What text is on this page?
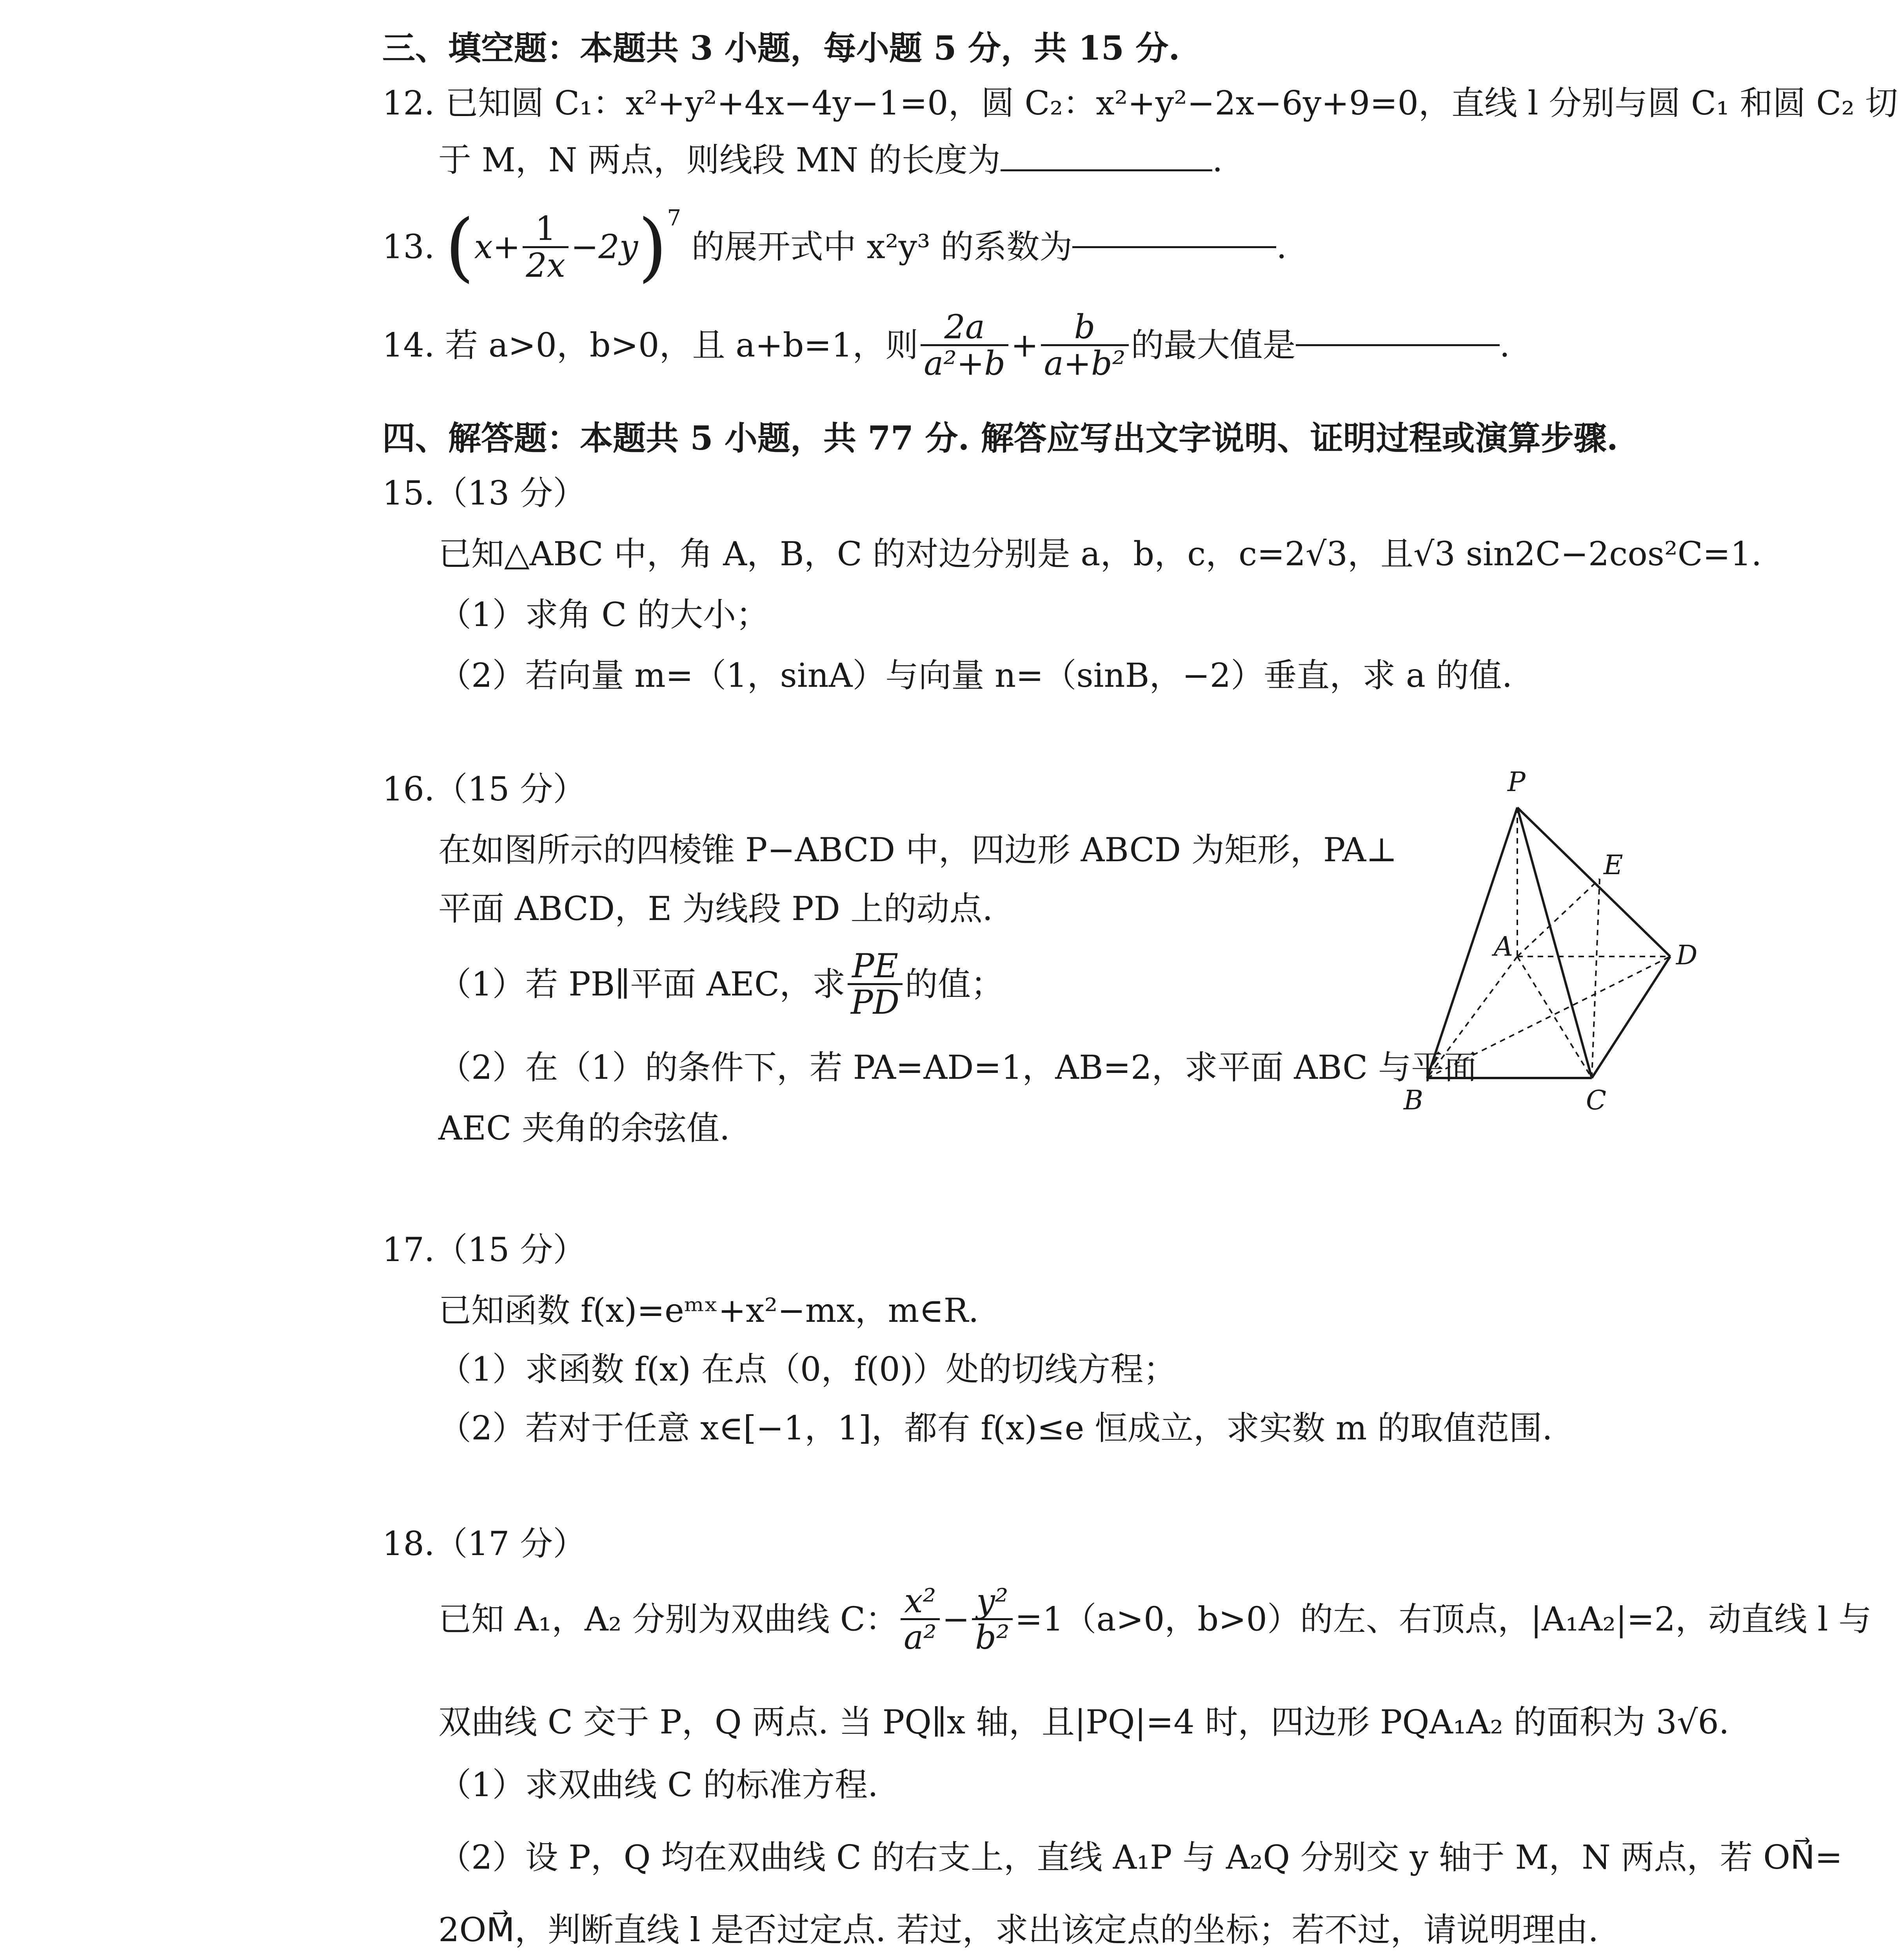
三、填空题：本题共 3 小题，每小题 5 分，共 15 分.
12. 已知圆 C₁：x²+y²+4x−4y−1=0，圆 C₂：x²+y²−2x−6y+9=0，直线 l 分别与圆 C₁ 和圆 C₂ 切
于 M，N 两点，则线段 MN 的长度为	.
13. $(x+ \frac{1}{2x} -2y)^7$ 的展开式中 x²y³ 的系数为	.
14. 若 a>0，b>0，且 a+b=1，则 $\frac{2a}{\text{a²+b}} + \frac{b}{\text{a+b²}}$ 的最大值是	.
四、解答题：本题共 5 小题，共 77 分. 解答应写出文字说明、证明过程或演算步骤.
15.（13 分）
已知△ABC 中，角 A，B，C 的对边分别是 a，b，c，c=2√3，且√3 sin2C−2cos²C=1.
（1）求角 C 的大小；
（2）若向量 m=（1，sinA）与向量 n=（sinB，−2）垂直，求 a 的值.
16.（15 分）
在如图所示的四棱锥 P−ABCD 中，四边形 ABCD 为矩形，PA⊥
平面 ABCD，E 为线段 PD 上的动点.
（1）若 PB∥平面 AEC，求 $\frac{PE}{PD}$ 的值；
（2）在（1）的条件下，若 PA=AD=1，AB=2，求平面 ABC 与平面
AEC 夹角的余弦值.
P
E
A	D
B	C
17.（15 分）
已知函数 f(x)=eᵐˣ+x²−mx，m∈R.
（1）求函数 f(x) 在点（0，f(0)）处的切线方程；
（2）若对于任意 x∈[−1，1]，都有 f(x)≤e 恒成立，求实数 m 的取值范围.
18.（17 分）
已知 A₁，A₂ 分别为双曲线 C： $\frac{\text{x²}}{\text{a²}} - \frac{\text{y²}}{\text{b²}} =1(a>0$，b>0）的左、右顶点，|A₁A₂|=2，动直线 l 与
双曲线 C 交于 P，Q 两点. 当 PQ∥x 轴，且|PQ|=4 时，四边形 PQA₁A₂ 的面积为 3√6.
（1）求双曲线 C 的标准方程.
（2）设 P，Q 均在双曲线 C 的右支上，直线 A₁P 与 A₂Q 分别交 y 轴于 M，N 两点，若 ON⃗=
2OM⃗，判断直线 l 是否过定点. 若过，求出该定点的坐标；若不过，请说明理由.
